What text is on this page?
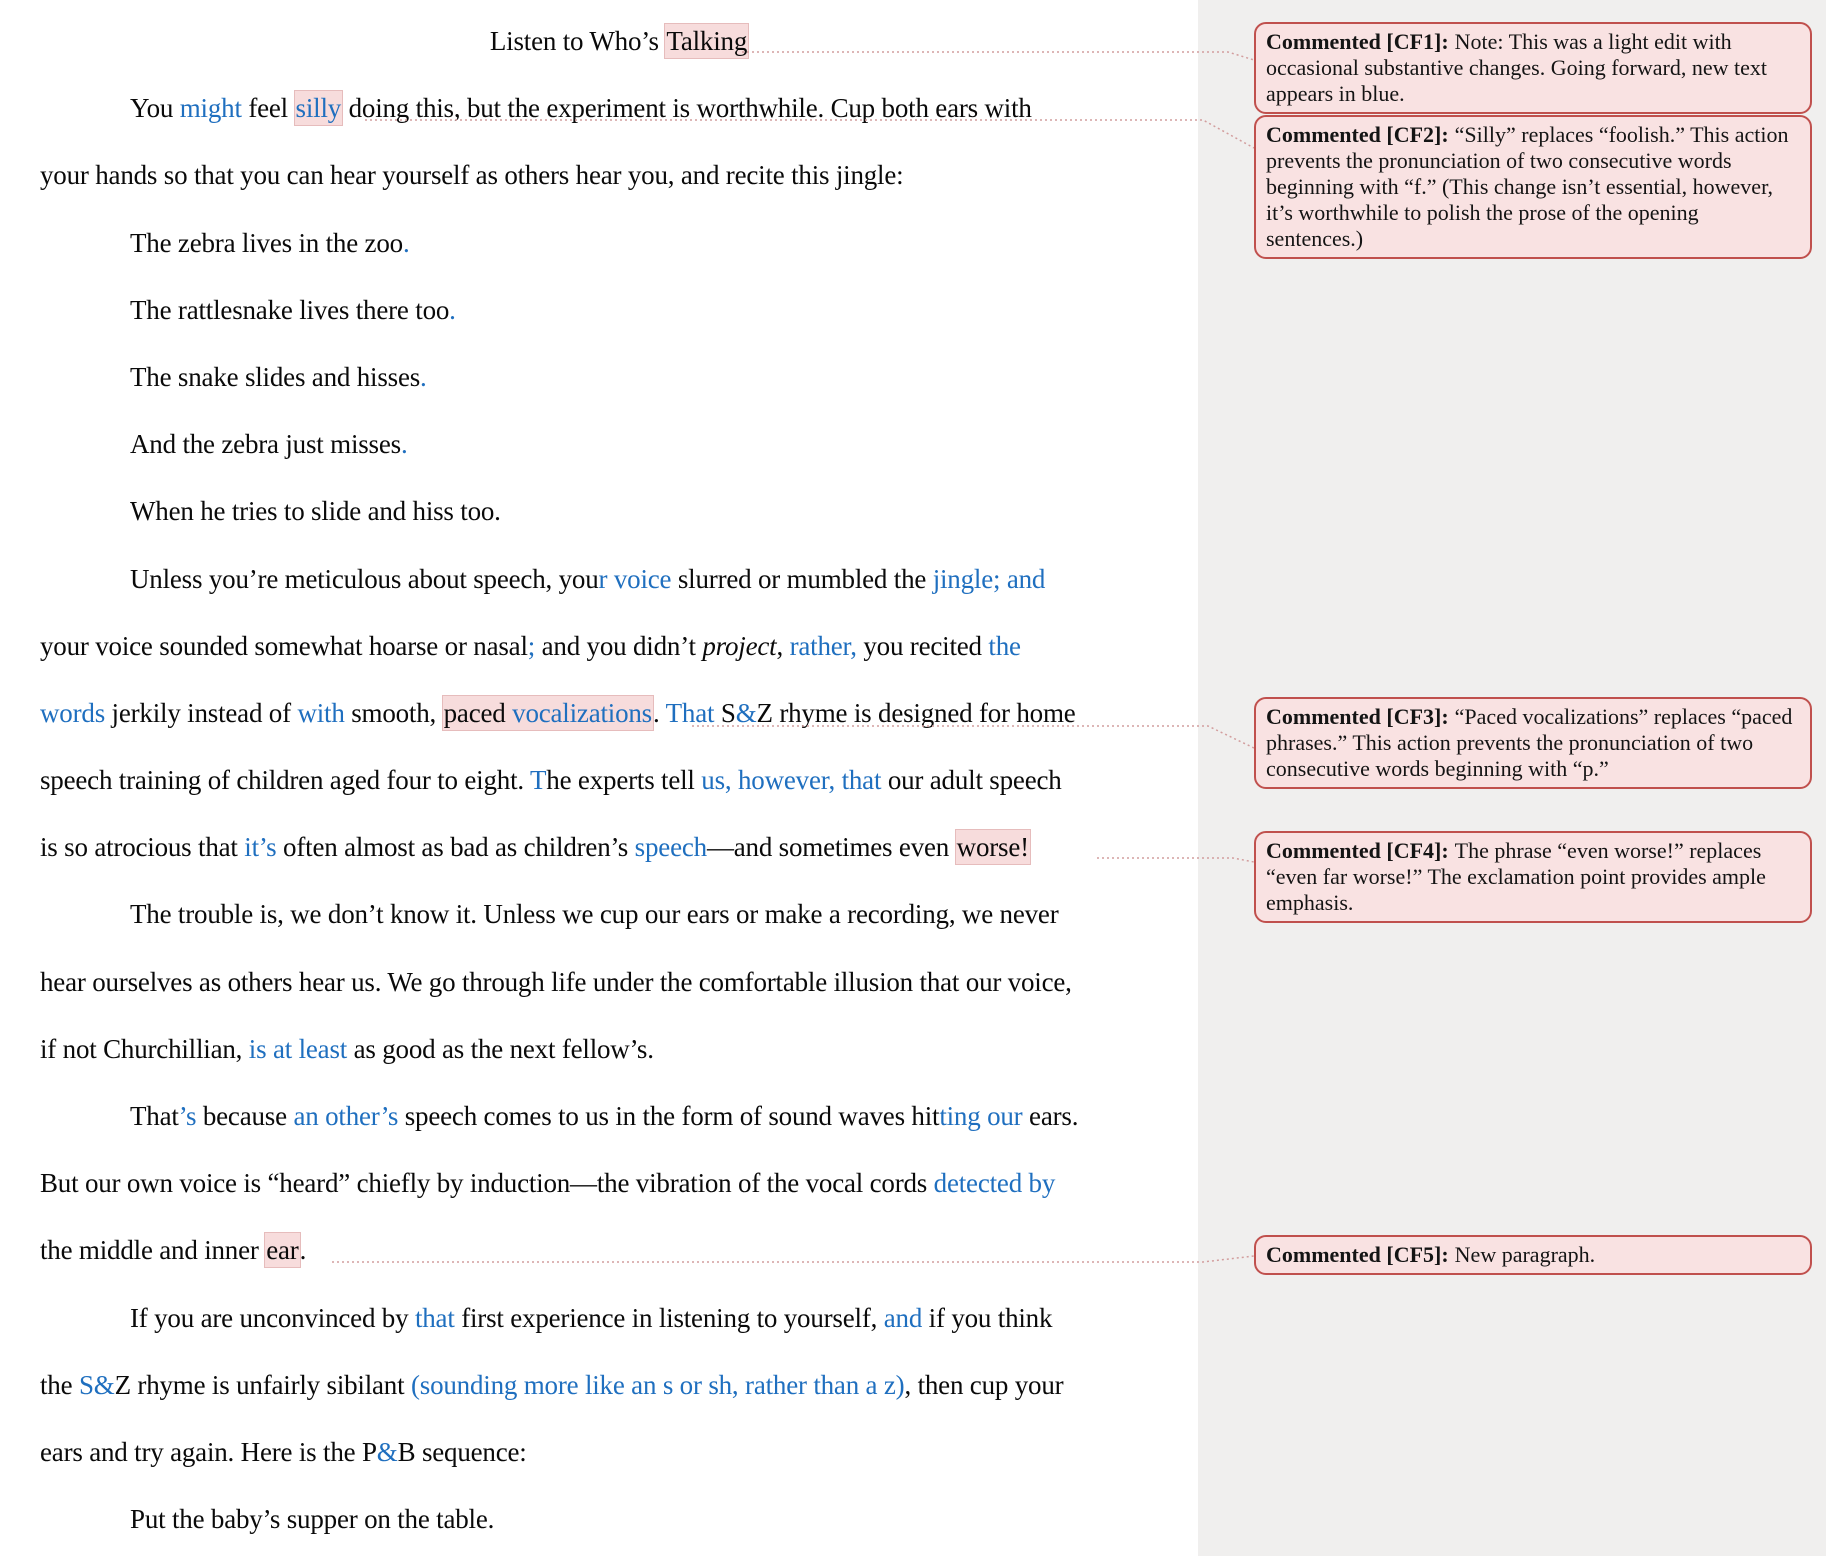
Listen to Who’s Talking
You might feel silly doing this, but the experiment is worthwhile. Cup both ears with
your hands so that you can hear yourself as others hear you, and recite this jingle:
The zebra lives in the zoo.
The rattlesnake lives there too.
The snake slides and hisses.
And the zebra just misses.
When he tries to slide and hiss too.
Unless you’re meticulous about speech, your voice slurred or mumbled the jingle; and
your voice sounded somewhat hoarse or nasal; and you didn’t project, rather, you recited the
words jerkily instead of with smooth, paced vocalizations. That S&Z rhyme is designed for home
speech training of children aged four to eight. The experts tell us, however, that our adult speech
is so atrocious that it’s often almost as bad as children’s speech—and sometimes even worse!
The trouble is, we don’t know it. Unless we cup our ears or make a recording, we never
hear ourselves as others hear us. We go through life under the comfortable illusion that our voice,
if not Churchillian, is at least as good as the next fellow’s.
That’s because an other’s speech comes to us in the form of sound waves hitting our ears.
But our own voice is “heard” chiefly by induction—the vibration of the vocal cords detected by
the middle and inner ear.
If you are unconvinced by that first experience in listening to yourself, and if you think
the S&Z rhyme is unfairly sibilant (sounding more like an s or sh, rather than a z), then cup your
ears and try again. Here is the P&B sequence:
Put the baby’s supper on the table.
Commented [CF1]: Note: This was a light edit with occasional substantive changes. Going forward, new text appears in blue.
Commented [CF2]: “Silly” replaces “foolish.” This action prevents the pronunciation of two consecutive words beginning with “f.” (This change isn’t essential, however, it’s worthwhile to polish the prose of the opening sentences.)
Commented [CF3]: “Paced vocalizations” replaces “paced phrases.” This action prevents the pronunciation of two consecutive words beginning with “p.”
Commented [CF4]: The phrase “even worse!” replaces “even far worse!” The exclamation point provides ample emphasis.
Commented [CF5]: New paragraph.
